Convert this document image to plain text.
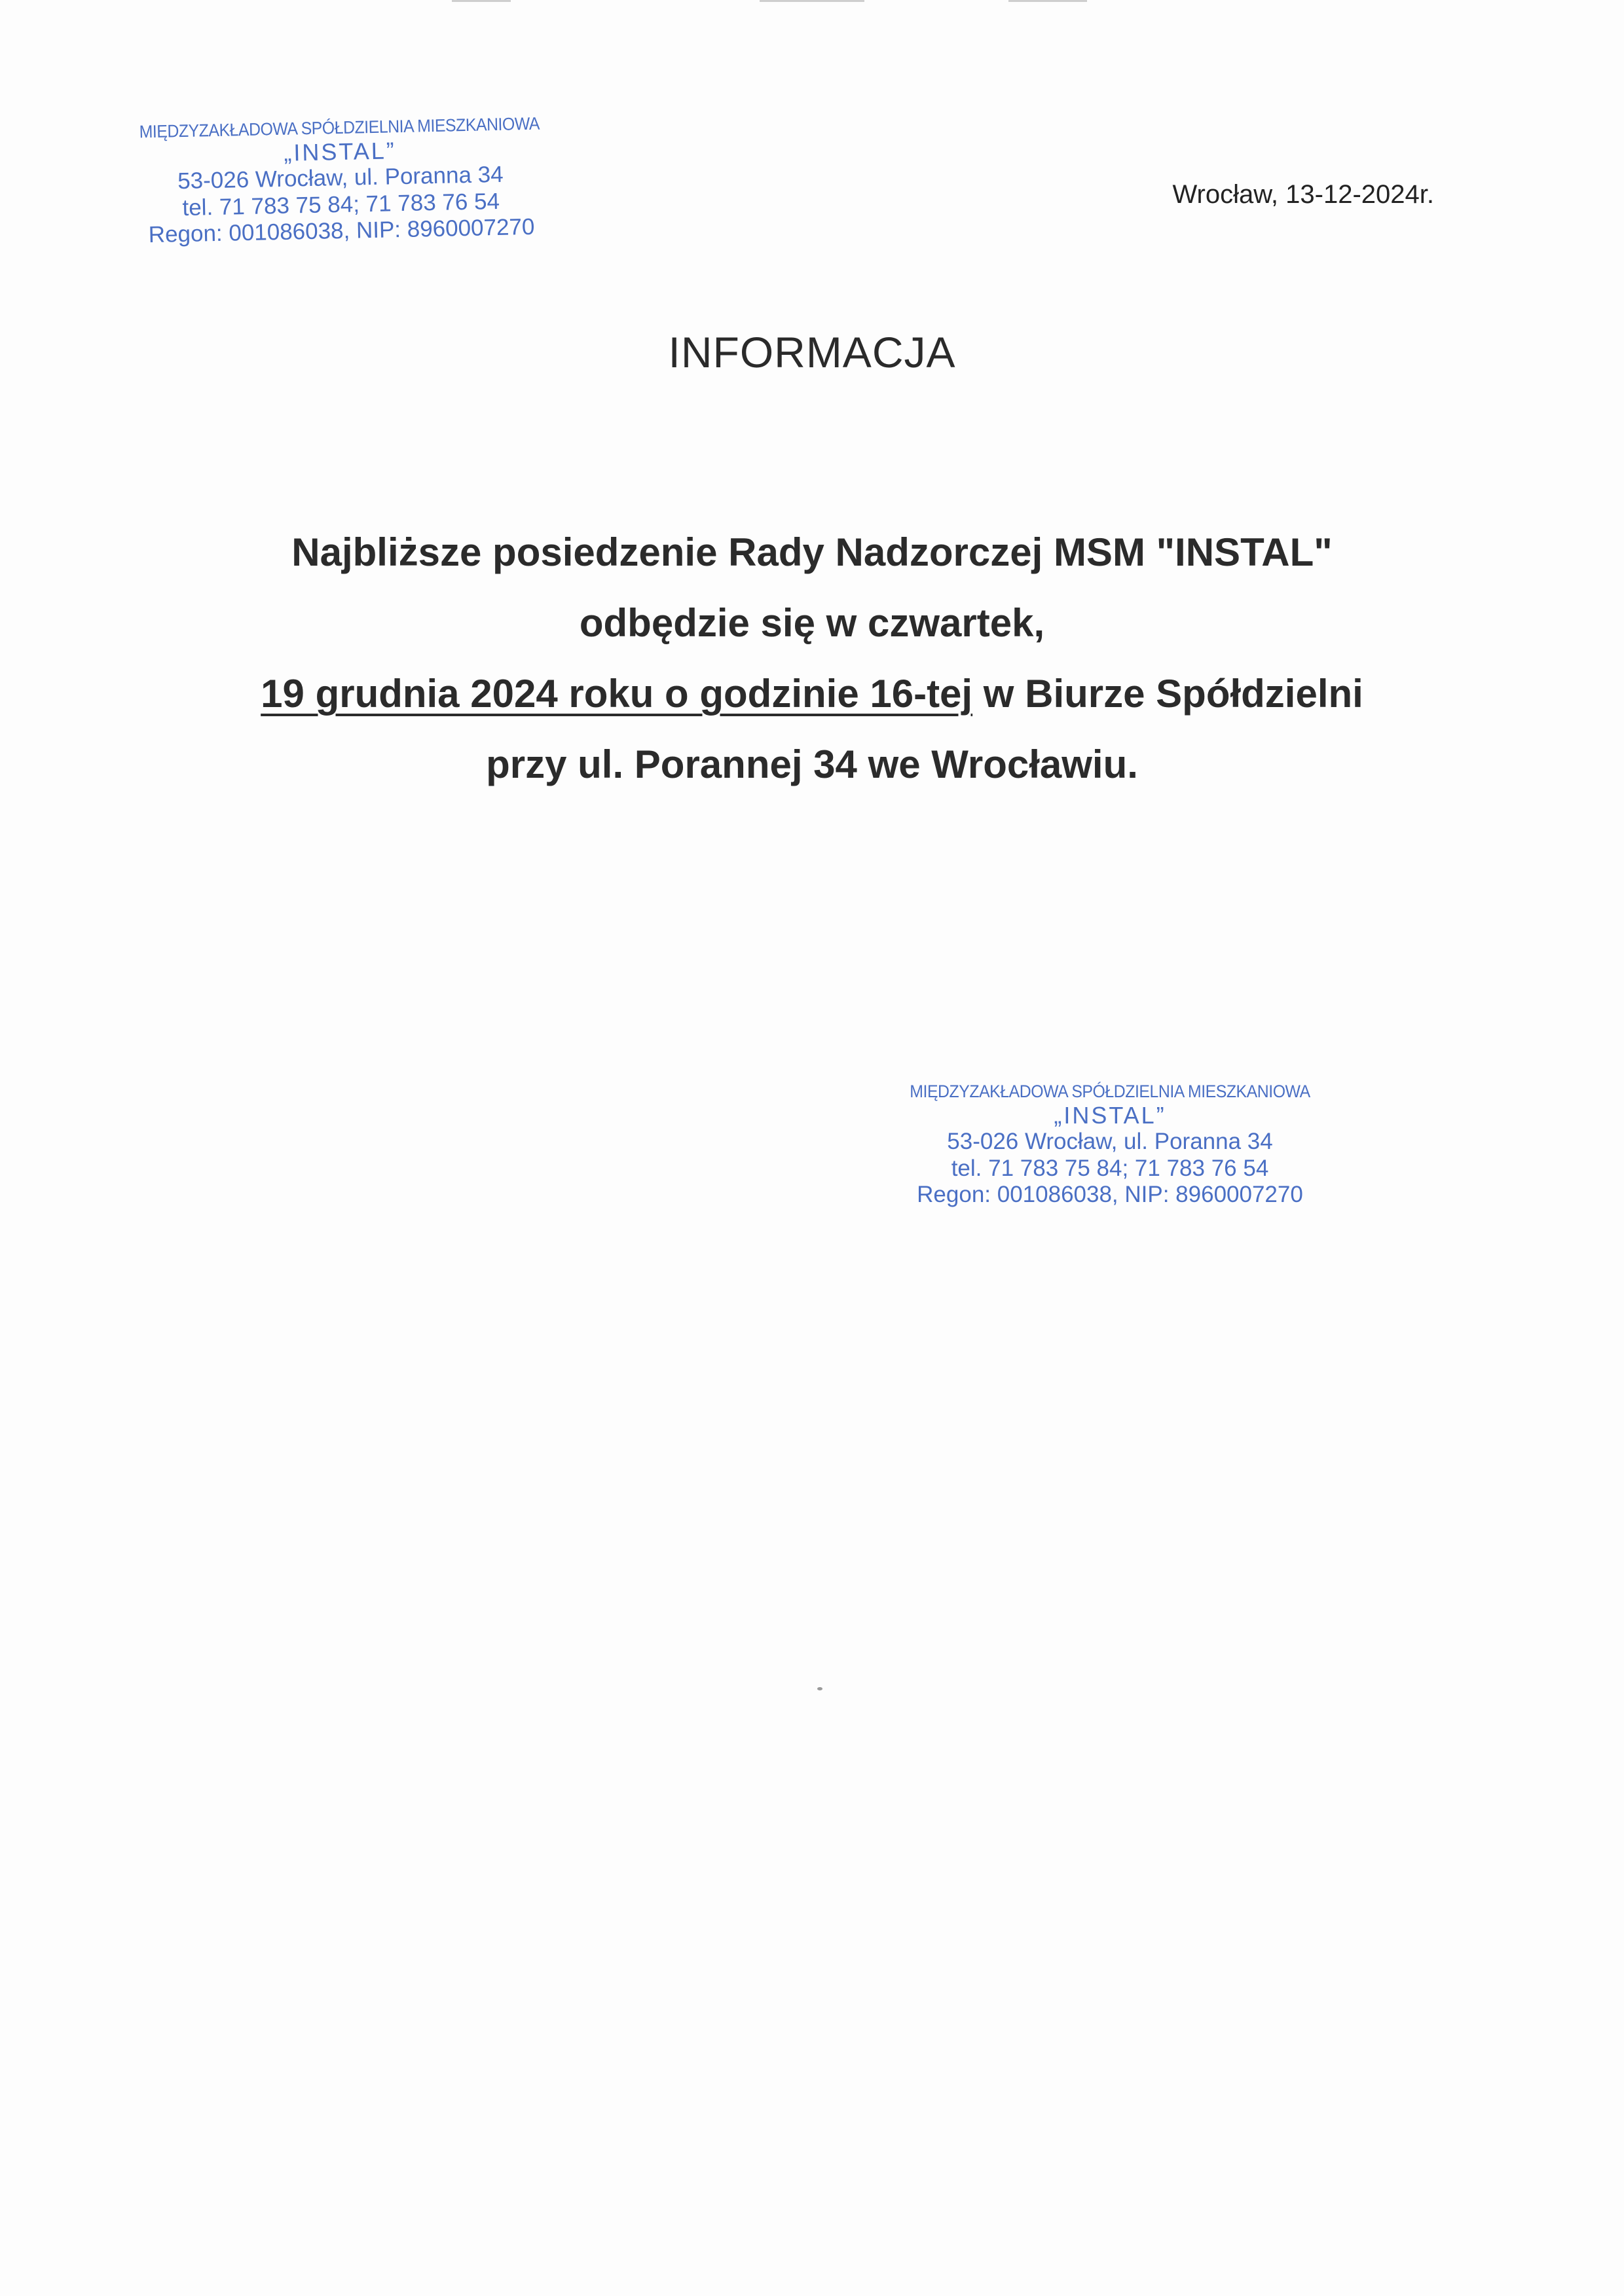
MIĘDZYZAKŁADOWA SPÓŁDZIELNIA MIESZKANIOWA
„INSTAL”
53-026 Wrocław, ul. Poranna 34
tel. 71 783 75 84; 71 783 76 54
Regon: 001086038, NIP: 8960007270
Wrocław, 13-12-2024r.
INFORMACJA
Najbliższe posiedzenie Rady Nadzorczej MSM "INSTAL"
odbędzie się w czwartek,
19 grudnia 2024 roku o godzinie 16-tej w Biurze Spółdzielni
przy ul. Porannej 34 we Wrocławiu.
MIĘDZYZAKŁADOWA SPÓŁDZIELNIA MIESZKANIOWA
„INSTAL”
53-026 Wrocław, ul. Poranna 34
tel. 71 783 75 84; 71 783 76 54
Regon: 001086038, NIP: 8960007270
